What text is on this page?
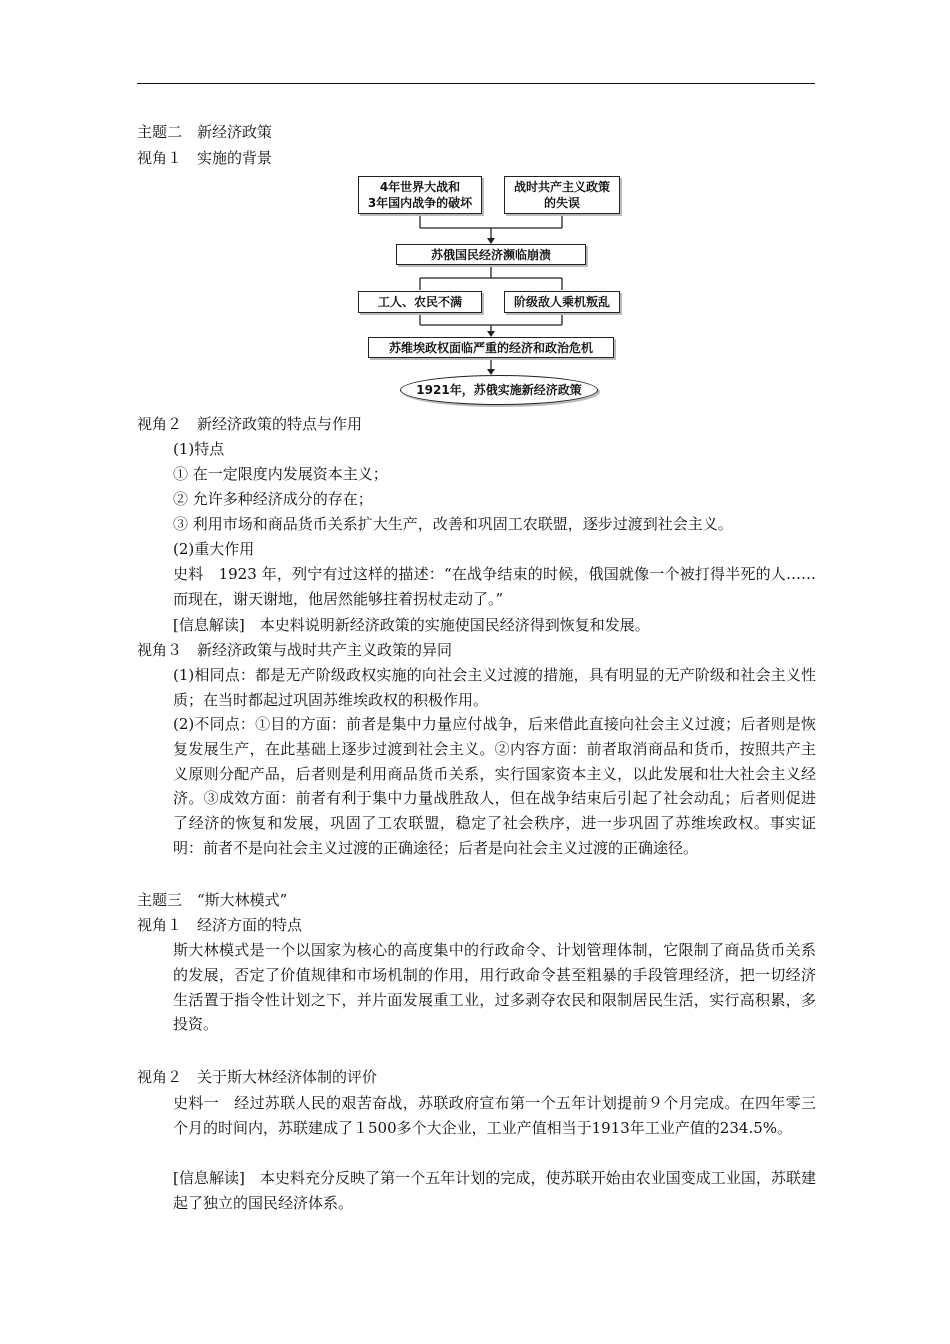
主题二　新经济政策
视角１　实施的背景
4年世界大战和
3年国内战争的破坏
战时共产主义政策
的失误
苏俄国民经济濒临崩溃
工人、农民不满	阶级敌人乘机叛乱
苏维埃政权面临严重的经济和政治危机
1921年，苏俄实施新经济政策
视角２　新经济政策的特点与作用
(1)特点
① 在一定限度内发展资本主义；
② 允许多种经济成分的存在；
③ 利用市场和商品货币关系扩大生产，改善和巩固工农联盟，逐步过渡到社会主义。
(2)重大作用
史料　1923 年，列宁有过这样的描述：“在战争结束的时候，俄国就像一个被打得半死的人……而现在，谢天谢地，他居然能够拄着拐杖走动了。”
[信息解读]　本史料说明新经济政策的实施使国民经济得到恢复和发展。
视角３　新经济政策与战时共产主义政策的异同
(1)相同点：都是无产阶级政权实施的向社会主义过渡的措施，具有明显的无产阶级和社会主义性质；在当时都起过巩固苏维埃政权的积极作用。
(2)不同点：①目的方面：前者是集中力量应付战争，后来借此直接向社会主义过渡；后者则是恢复发展生产，在此基础上逐步过渡到社会主义。②内容方面：前者取消商品和货币，按照共产主义原则分配产品，后者则是利用商品货币关系，实行国家资本主义，以此发展和壮大社会主义经济。③成效方面：前者有利于集中力量战胜敌人，但在战争结束后引起了社会动乱；后者则促进了经济的恢复和发展，巩固了工农联盟，稳定了社会秩序，进一步巩固了苏维埃政权。事实证明：前者不是向社会主义过渡的正确途径；后者是向社会主义过渡的正确途径。
主题三　“斯大林模式”
视角１　经济方面的特点
斯大林模式是一个以国家为核心的高度集中的行政命令、计划管理体制，它限制了商品货币关系的发展，否定了价值规律和市场机制的作用，用行政命令甚至粗暴的手段管理经济，把一切经济生活置于指令性计划之下，并片面发展重工业，过多剥夺农民和限制居民生活，实行高积累，多投资。
视角２　关于斯大林经济体制的评价
史料一　经过苏联人民的艰苦奋战，苏联政府宣布第一个五年计划提前９个月完成。在四年零三个月的时间内，苏联建成了１500多个大企业，工业产值相当于1913年工业产值的234.5%。
[信息解读]　本史料充分反映了第一个五年计划的完成，使苏联开始由农业国变成工业国，苏联建起了独立的国民经济体系。
